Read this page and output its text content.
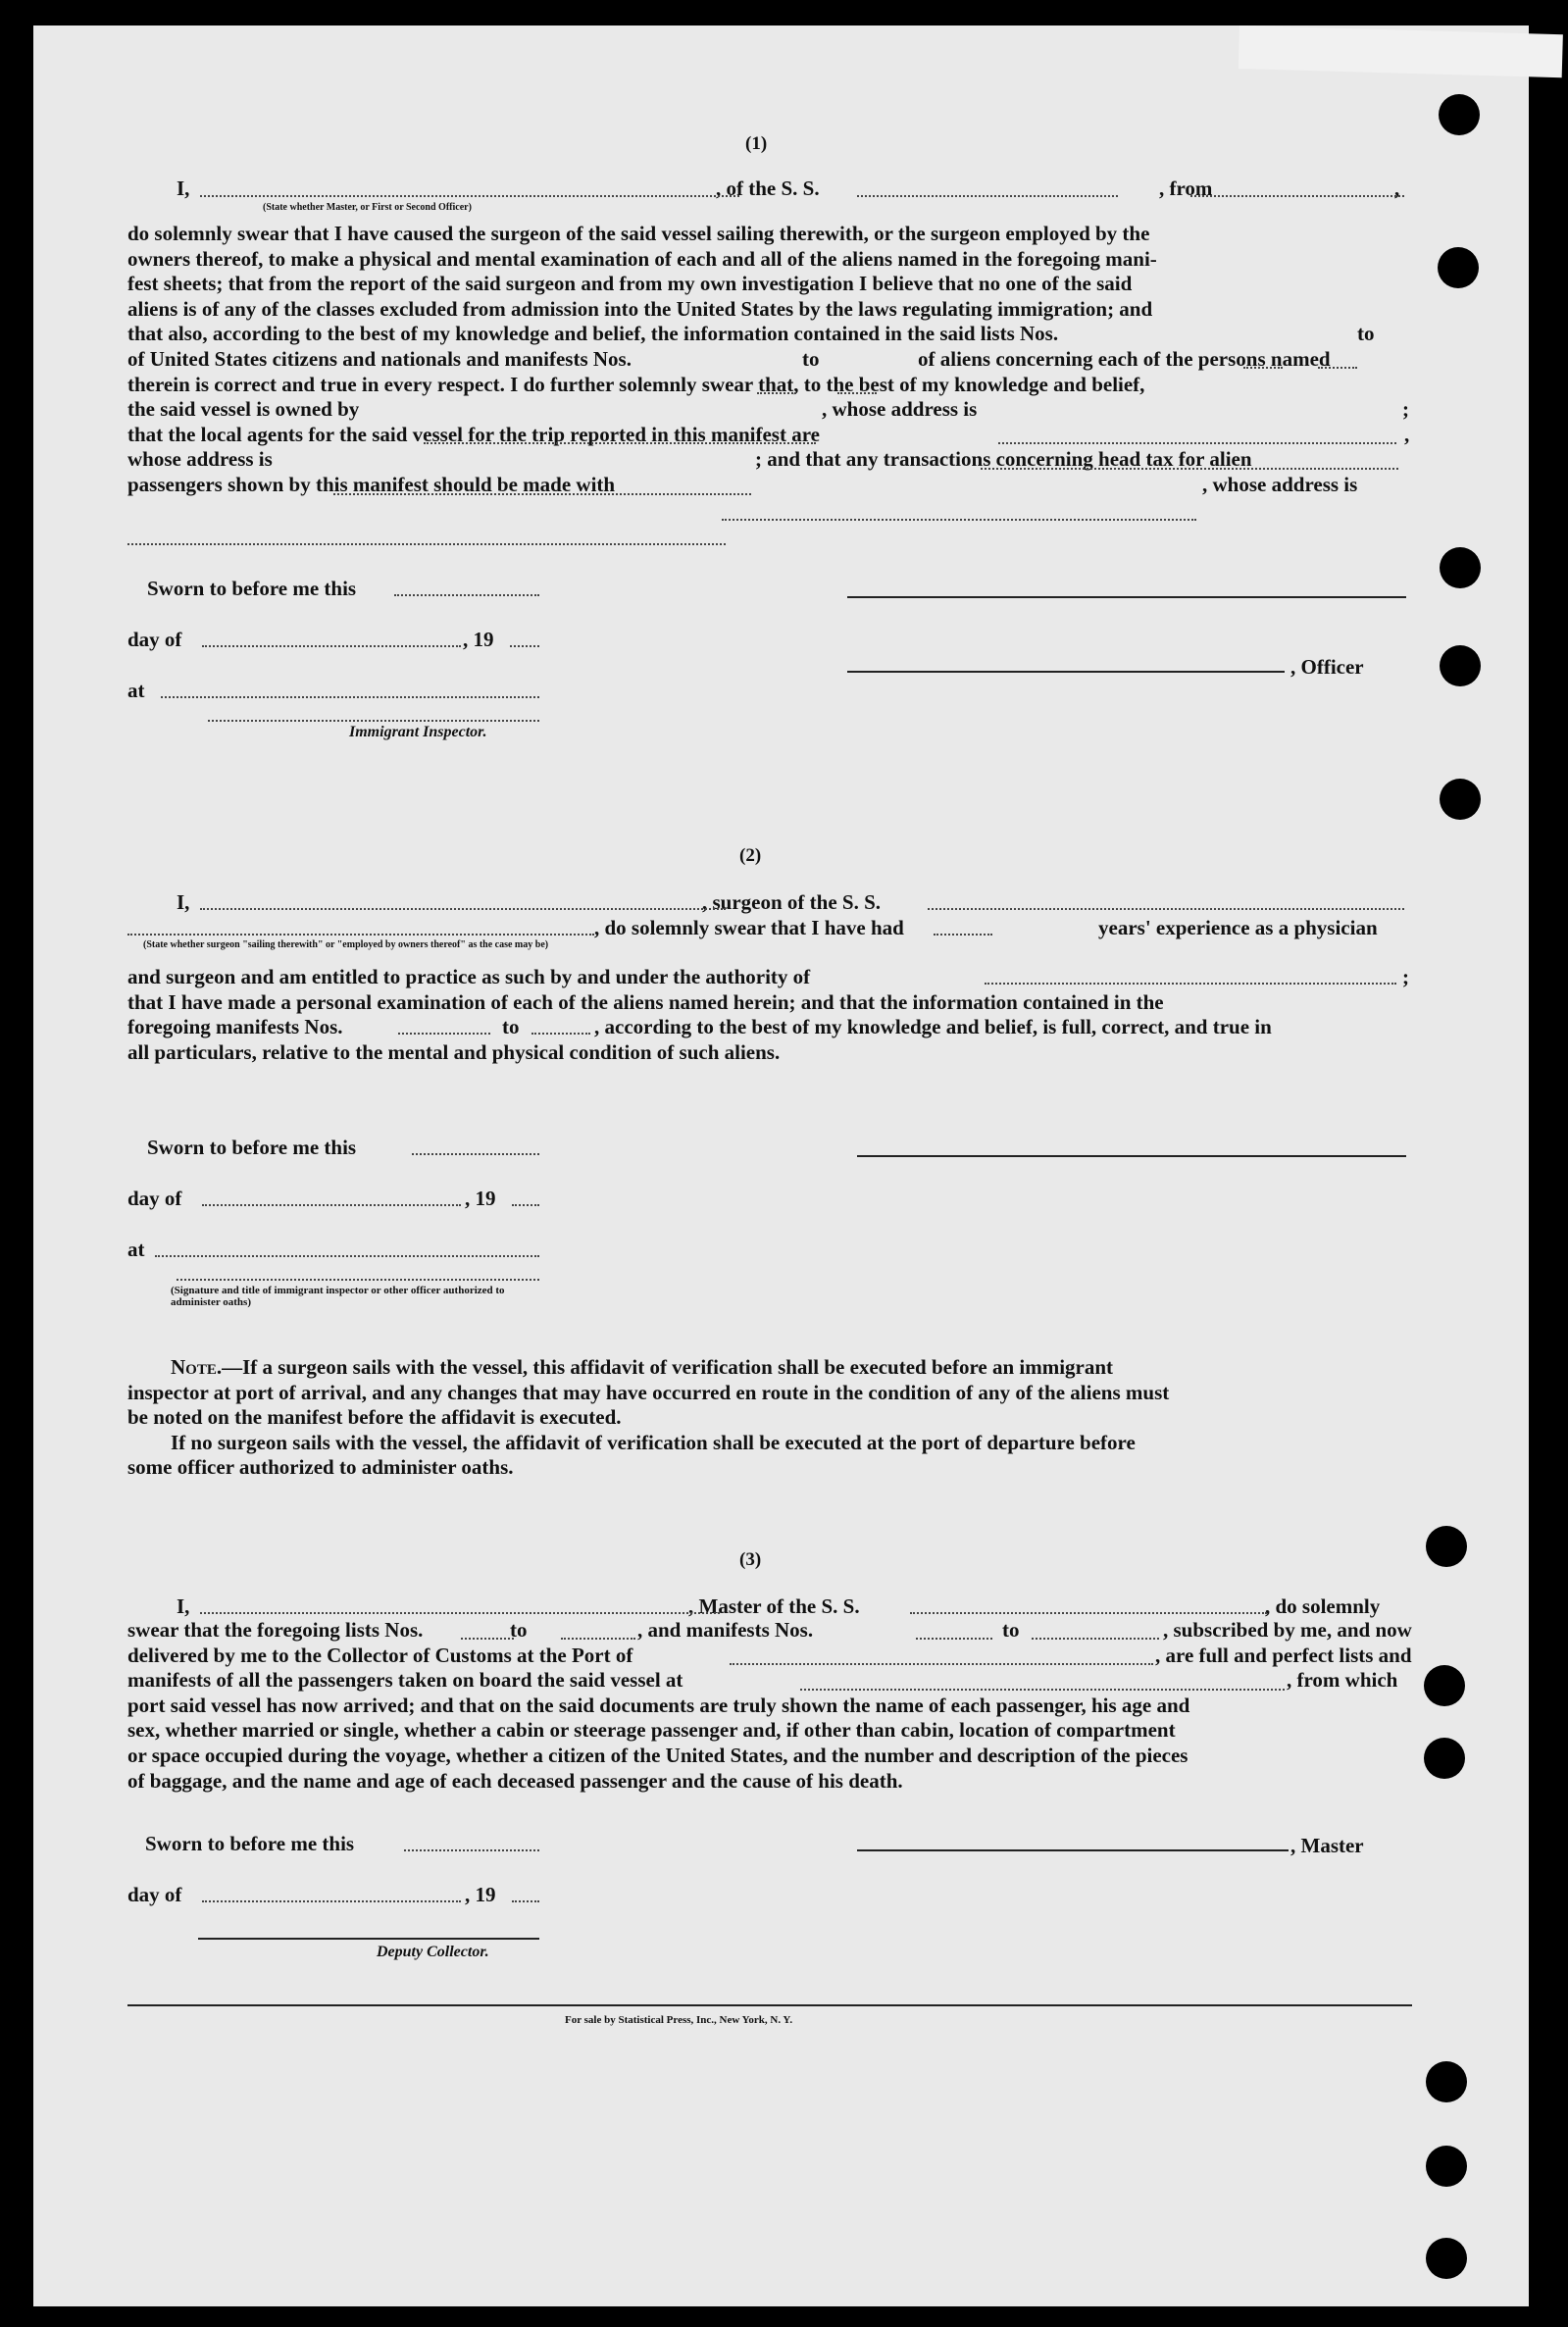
(1)
I,	, of the S. S.	, from	,
(State whether Master, or First or Second Officer)
do solemnly swear that I have caused the surgeon of the said vessel sailing therewith, or the surgeon employed by the
owners thereof, to make a physical and mental examination of each and all of the aliens named in the foregoing mani-
fest sheets; that from the report of the said surgeon and from my own investigation I believe that no one of the said
aliens is of any of the classes excluded from admission into the United States by the laws regulating immigration; and
that also, according to the best of my knowledge and belief, the information contained in the said lists Nos.	to
of United States citizens and nationals and manifests Nos.	to	of aliens concerning each of the persons named
therein is correct and true in every respect. I do further solemnly swear that, to the best of my knowledge and belief,
the said vessel is owned by	, whose address is	;
that the local agents for the said vessel for the trip reported in this manifest are	,
whose address is	; and that any transactions concerning head tax for alien
passengers shown by this manifest should be made with	, whose address is
Sworn to before me this
day of	, 19
, Officer
at
Immigrant Inspector.
(2)
I,	, surgeon of the S. S.
, do solemnly swear that I have had	years' experience as a physician
(State whether surgeon "sailing therewith" or "employed by owners thereof" as the case may be)
and surgeon and am entitled to practice as such by and under the authority of	;
that I have made a personal examination of each of the aliens named herein; and that the information contained in the
foregoing manifests Nos.	to	, according to the best of my knowledge and belief, is full, correct, and true in
all particulars, relative to the mental and physical condition of such aliens.
Sworn to before me this
day of	, 19
at
(Signature and title of immigrant inspector or other officer authorized to administer oaths)
Note.—If a surgeon sails with the vessel, this affidavit of verification shall be executed before an immigrant
inspector at port of arrival, and any changes that may have occurred en route in the condition of any of the aliens must
be noted on the manifest before the affidavit is executed.
If no surgeon sails with the vessel, the affidavit of verification shall be executed at the port of departure before
some officer authorized to administer oaths.
(3)
I,	, Master of the S. S.	, do solemnly
swear that the foregoing lists Nos.	to	, and manifests Nos.	to	, subscribed by me, and now
delivered by me to the Collector of Customs at the Port of	, are full and perfect lists and
manifests of all the passengers taken on board the said vessel at	, from which
port said vessel has now arrived; and that on the said documents are truly shown the name of each passenger, his age and
sex, whether married or single, whether a cabin or steerage passenger and, if other than cabin, location of compartment
or space occupied during the voyage, whether a citizen of the United States, and the number and description of the pieces
of baggage, and the name and age of each deceased passenger and the cause of his death.
Sworn to before me this	, Master
day of	, 19
Deputy Collector.
For sale by Statistical Press, Inc., New York, N. Y.
